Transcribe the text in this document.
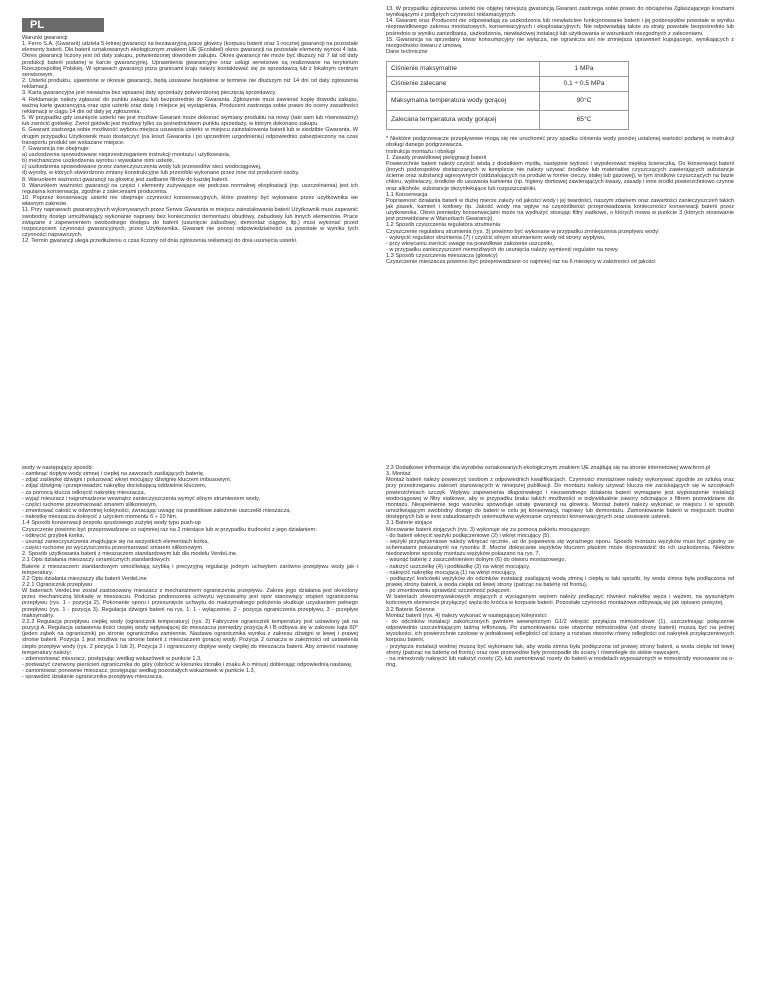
PL

Warunki gwarancji

1. Ferro S.A. (Gwarant) udziela 5-letniej gwarancji na bezawaryjną pracę głowicy (korpusu baterii oraz 1-rocznej gwarancji na pozostałe elementy baterii. Dla baterii oznakowanych ekologicznym znakiem UE (Ecolabel) okres gwarancji na pozostałe elementy wynosi 4 lata. Okres gwarancji liczony jest od daty zakupu, potwierdzonej dowodem zakupu. Okres gwarancji nie może być dłuższy niż 7 lat od daty produkcji baterii podanej w karcie gwarancyjnej. Uprawnienia gwarancyjne oraz usługi serwisowe są realizowane na terytorium Rzeczpospolitej Polskiej. W sprawach gwarancji poza granicami kraju należy kontaktować się ze sprzedawcą lub z lokalnym centrum serwisowym.

2. Usterki produktu, ujawnione w okresie gwarancji, będą usuwane bezpłatnie w terminie nie dłuższym niż 14 dni od daty zgłoszenia reklamacji.

3. Karta gwarancyjna jest nieważna bez wpisanej daty sprzedaży potwierdzonej pieczęcią sprzedawcy.

4. Reklamacje należy zgłaszać do punktu zakupu lub bezpośrednio do Gwaranta. Zgłoszenie musi zawierać kopię dowodu zakupu, ważną kartę gwarancyjną oraz opis usterki oraz datę i miejsce jej wystąpienia. Producent zastrzega sobie prawo do oceny zasadności reklamacji w ciągu 14 dni od daty jej zgłoszenia.

5. W przypadku gdy usunięcie usterki nie jest możliwe Gwarant może dokonać wymiany produktu na nowy (taki sam lub równoważny) lub zwrócić gotówkę. Zwrot gotówki jest możliwy tylko za pośrednictwem punktu sprzedaży, w którym dokonano zakupu.

6. Gwarant zastrzega sobie możliwość wyboru miejsca usuwania usterki: w miejscu zainstalowania baterii lub w siedzibie Gwaranta. W drugim przypadku Użytkownik musi dostarczyć (na koszt Gwaranta i po uprzednim uzgodnieniu) odpowiednio zabezpieczony na czas transportu produkt we wskazane miejsce.

7. Gwarancja nie obejmuje:

a) uszkodzenia spowodowane nieprzestrzeganiem instrukcji montażu i użytkowania,

b) mechaniczne uszkodzenia wyrobu i wywołane nimi usterki,

c) uszkodzenia spowodowane przez zanieczyszczenia wody lub przewodów sieci wodociągowej,

d) wyroby, w których stwierdzono zmiany konstrukcyjne lub przeróbki wykonane przez inne niż producent osoby.

8. Warunkiem ważności gwarancji na głowicę jest zadbanie filtrów do każdej baterii.

9. Warunkiem ważności gwarancji na części i elementy zużywające się podczas normalnej eksploatacji (np. uszczelnienia) jest ich regularna konserwacja, zgodnie z zaleceniami producenta.

10. Poprzez konserwację usterki nie obejmuje czynności konserwacyjnych, które powinny być wykonane przez użytkownika we własnym zakresie.

11. Przy naprawach gwarancyjnych wykonywanych przez Serwis Gwaranta w miejscu zainstalowania baterii Użytkownik musi zapewnić swobodny dostęp umożliwiający wykonanie naprawy bez konieczności demontażu obudowy, zabudowy lub innych elementów. Prace związane z zapewnieniem swobodnego dostępu do baterii (usunięcie zabudowy, demontaż ciągów, itp.) musi wykonać przed rozpoczęciem czynności gwarancyjnych, przez Użytkownika. Gwarant nie ponosi odpowiedzialności za powstałe w wyniku tych czynności naprawczych.

12. Termin gwarancji ulega przedłużeniu o czas liczony od dnia zgłoszenia reklamacji do dnia usunięcia usterki.

13. W przypadku zgłoszenia usterki nie objętej niniejszą gwarancją Gwarant zastrzega sobie prawo do obciążenia Zgłaszającego kosztami wynikającymi z podjętych czynności reklamacyjnych.

14. Gwarant oraz Producent nie odpowiadają za uszkodzenia lub niewłaściwe funkcjonowanie baterii i jej podzespołów powstałe w wyniku nieprawidłowego zakresu montażowych, konserwacyjnych i eksploatacyjnych. Nie odpowiadają także za straty powstałe bezpośrednio lub pośrednio w wyniku zaniedbania, uszkodzenia, niewłaściwej instalacji lub użytkowania w warunkach niezgodnych z zaleceniami.

15. Gwarancja na sprzedany towar konsumpcyjny nie wyłącza, nie ogranicza ani nie zmniejsza uprawnień kupującego, wynikających z niezgodności towaru z umową.

Dane techniczne

Ciśnienie maksymalne	1 MPa
Ciśnienie zalecane	0,1 ÷ 0,5 MPa
Maksymalna temperatura wody gorącej	90°C
Zalecana temperatura wody gorącej	65°C

* Niektóre podgrzewacze przepływowe mogą się nie uruchomić przy spadku ciśnienia wody poniżej ustalonej wartości podanej w instrukcji obsługi danego podgrzewacza.

Instrukcja montażu i obsługi

1. Zasady prawidłowej pielęgnacji baterii

Powierzchnie baterii należy czyścić wodą z dodatkiem mydła, następnie wytrzeć i wypolerować miękką ściereczką. Do konserwacji baterii (innych podzespołów dostarczanych w komplecie nie należy używać środków lub materiałów czyszczących zawierających substancje ścierne oraz substancji agresywnych (oddziałujących na produkt w formie cieczy, stałej lub gazowej), w tym środków czyszczących na bazie chloru, wybielaczy, środków do usuwania kamienia (np. higieny domowej zawierających kwasy, zasady i inne środki powierzchniowo czynne oraz alkohole, substancje dezynfekujące lub rozpuszczalniki.

1.1 Konserwacja

Poprawność działania baterii w dużej mierze zależy od jakości wody i jej twardości, naszym zdaniem oraz zawartości zanieczyszczeń takich jak piasek, kamień i kotłowy itp. Jakość wody ma wpływ na częstotliwość przeprowadzania konieczności konserwacji baterii przez użytkownika. Okres pomiędzy konserwacjami może na wydłużyć stosując filtry siatkowe, o których mowa w punkcie 3 (których stosowanie jest przewidziane w Warunkach Gwarancji).

1.2 Sposób czyszczenia regulatora strumienia

Czyszczenie regulatora strumienia (rys. 3) powinno być wykonane w przypadku zmniejszenia przepływu wody:

- wykręcić regulator strumienia (7) i czyścić silnym strumieniem wody od strony wypływu,

- przy wkręcaniu zwrócić uwagę na prawidłowe założenie uszczelki,

- w przypadku zanieczyszczeń niemożliwych do usunięcia należy wymienić regulator na nowy.

1.3 Sposób czyszczenia mieszacza (głowicy)

Czyszczenie mieszacza powinno być przeprowadzane co najmniej raz na 6 miesięcy w zależności od jakości

wody w następujący sposób:

- zamknąć dopływ wody zimnej i ciepłej na zaworach zasilających baterię,

- zdjąć zaślepkę dźwigni i poluzować wkręt mocujący dźwignię kluczem imbusowym,

- zdjąć dźwignię i przeprowadzić nakrętkę dociskającą oddzielnie kluczem,

- za pomocą klucza odkręcić nakrętkę mieszacza,

- wyjąć mieszacz i nagromadzone wewnątrz zanieczyszczenia wymyć silnym strumieniem wody,

- części ruchome przesmarować smarem silikonowym,

- zmontować całość w odwrotnej kolejności, zwracając uwagę na prawidłowe założenie uszczelki mieszacza,

- nakrętkę mieszacza dokręcić z użyciem momentu 6 ÷ 10 Nm.

1.4 Sposób konserwacji zespołu spustowego zużytej wody typu push-up

Czyszczenie powinno być przeprowadzane co najmniej raz na 2 miesiące lub w przypadku trudności z jego działaniem:

- odkręcić grzybek korka,

- usunąć zanieczyszczenia znajdujące się na wszystkich elementach korka,

- części ruchome po wyczyszczeniu przesmarować smarem silikonowym.

2. Sposób użytkowania baterii z mieszaczem standardowym lub dla modelu VerdeLine.

2.1 Opis działania mieszaczy ceramicznych standardowych:

Baterie z mieszaczem standardowym umożliwiają szybką i precyzyjną regulację jednym uchwytem zarówno przepływu wody jak i temperatury.

2.2 Opis działania mieszaczy dla baterii VerdeLine

2.2.1 Ogranicznik przepływu

W bateriach VerdeLine został zastosowany mieszacz z mechanizmem ograniczenia przepływu. Zakres jego działania jest określony przez mechaniczną blokadę w mieszaczu. Podczas podnoszenia uchwytu wyczuwalny jest opór stanowiący stopień ograniczenia przepływu (rys. 1 - pozycja 2). Pokonanie oporu i przesunięcie uchwytu do maksymalnego położenia skutkuje uzyskaniem pełnego przepływu (rys. 1 - pozycja 3). Regulacja dźwigni baterii na rys. 1: 1 - wyłączenie, 2 - pozycja ograniczenia przepływu, 3 - przepływ maksymalny.

2.2.2 Regulacja przepływu ciepłej wody (ogranicznik temperatury) (rys. 2) Fabryczne ogranicznik temperatury jest ustawiony jak na pozycji A. Regulacja ustawienia ilości ciepłej wody wpływającej do mieszacza pomiędzy pozycją A i B odbywa się w zakresie kąta 60° (jeden ząbek na ogranicznik) po stronie ogranicznika zamiennie. Nastawa ogranicznika wynika z zakresu dźwigni w lewej i prawej stronie baterii. Pozycja 1 jest możliwa na stronie baterii z mieszaczem gorącej wody. Pozycja 2 oznacza w zależności od ustawienia ciepło przepływ wody (rys. 2 pozycja 1 lub 2). Pozycja 2 i ograniczony dopływ wody ciepłej do mieszacza baterii. Aby zmienić nastawę temperatury należy:

- zdemontować mieszacz, postępując według wskazówek w punkcie 1.3,

- podważyć czerwony pierścień ogranicznika do góry (obrócić w kierunku strzałki i znaku A o minus) dobierając odpowiednią nastawę,

- zamontować ponownie mieszacz, postępując według pozostałych wskazówek w punkcie 1.3,

- sprawdzić działanie ogranicznika przepływu mieszacza.

2.3 Dodatkowe informacje dla wyrobów oznakowanych ekologicznym znakiem UE znajdują się na stronie internetowej www.ferro.pl

3. Montaż

Montaż baterii należy powierzyć osobom z odpowiednich kwalifikacjach. Czynności montażowe należy wykonywać zgodnie ze sztuką oraz przy przestrzeganiu zaleceń stanowiących w niniejszej publikacji. Do montażu należy używać klucza nie zaciskających się w szczękach powierzchniach szczęk. Wpływu zapewnienia długotrwałego i niezawodnego działania baterii wymagane jest wyposażenie instalacji wodociągowej w filtry siatkowe, aby w przypadku braku takich możliwości w indywidualnie zawory odcinające z filtrem przewidziane do montażu. Niespełnienie tego warunku spowoduje utratę gwarancji na głowicę. Montaż baterii należy wykonać w miejscu i w sposób umożliwiającym swobodny dostęp do baterii w celu jej konserwacji, naprawy lub demontażu. Zamontowanie baterii w miejscach trudno dostępnych lub w inne zabudowanych uniemożliwia wykonanie czynności konserwacyjnych oraz usuwanie usterek.

3.1 Baterie stojące

Mocowanie baterii stojących (rys. 3) wykonuje się za pomocą pakietu mocującego:

- do baterii wkręcić wężyki podłączeniowe (2) i wkręt mocujący (5),

- wężyki przyłączeniowe należy wkręcać ręcznie, aż do pojawienia się wyraźnego oporu. Sposób montażu wężyków musi być zgodny ze schematami pokazanymi na rysunku 8. Mocne dokręcanie wężyków kluczem płaskim może doprowadzić do ich uszkodzenia. Niektóre niedozwolone sposoby montażu wężyków pokazano na rys. 7,

- wsunąć baterię z zaszczelnieniem dolnym (6) do otworu montażowego,

- nałożyć uszczelkę (4) i podkładkę (3) na wkręt mocujący,

- nakręcić nakrętkę mocującą (1) na wkręt mocujący,

- podłączyć końcówki wężyków do odcinków instalacji zasilającej wodą zimną i ciepłą w taki sposób, by woda zimna była podłączona od prawej strony baterii, a woda ciepła od lewej strony (patrząc na baterię od frontu),

- po zmontowaniu sprawdzić szczelność połączeń.

W bateriach zlewozmywakowych stojących z wyciąganym wężem należy podłączyć również nakrętkę węża i wężem, na wysuniętym końcowym elemencie przyłączyć węża do króćca w korpusie baterii. Pozostałe czynności montażowe odbywają się jak opisano powyżej.

3.2 Baterie Ścienne

Montaż baterii (rys. 4) należy wykonać w następującej kolejności:

- do odcinków instalacji zakończonych gwintem wewnętrznym G1/2 wkręcić przyłącza mimośrodowe (1), uszczelniając połączenie odpowiednio uszczelniającym taśmą teflonową. Po zamontowaniu osie otworów mimośrodów (od strony baterii) muszą być na jednej wysokości, ich powierzchnie czołowe w jednakowej odległości od ściany a rozstaw otworów równy odległości osi nakrętek przyłączeniowych korpusu baterii,

- przyłącza instalacji wodnej muszą być wykonane tak, aby woda zimna była podłączona od prawej strony baterii, a woda ciepła od lewej strony (patrząc na baterię od frontu) oraz osie przewodów były prostopadłe do ściany i równoległe do siebie nawzajem,

- na mimośrody nakręcić lub nałożyć rozety (2), lub zamontować rozety do baterii w modelach wyposażonych w mimośrody mocowane na o-ring,
